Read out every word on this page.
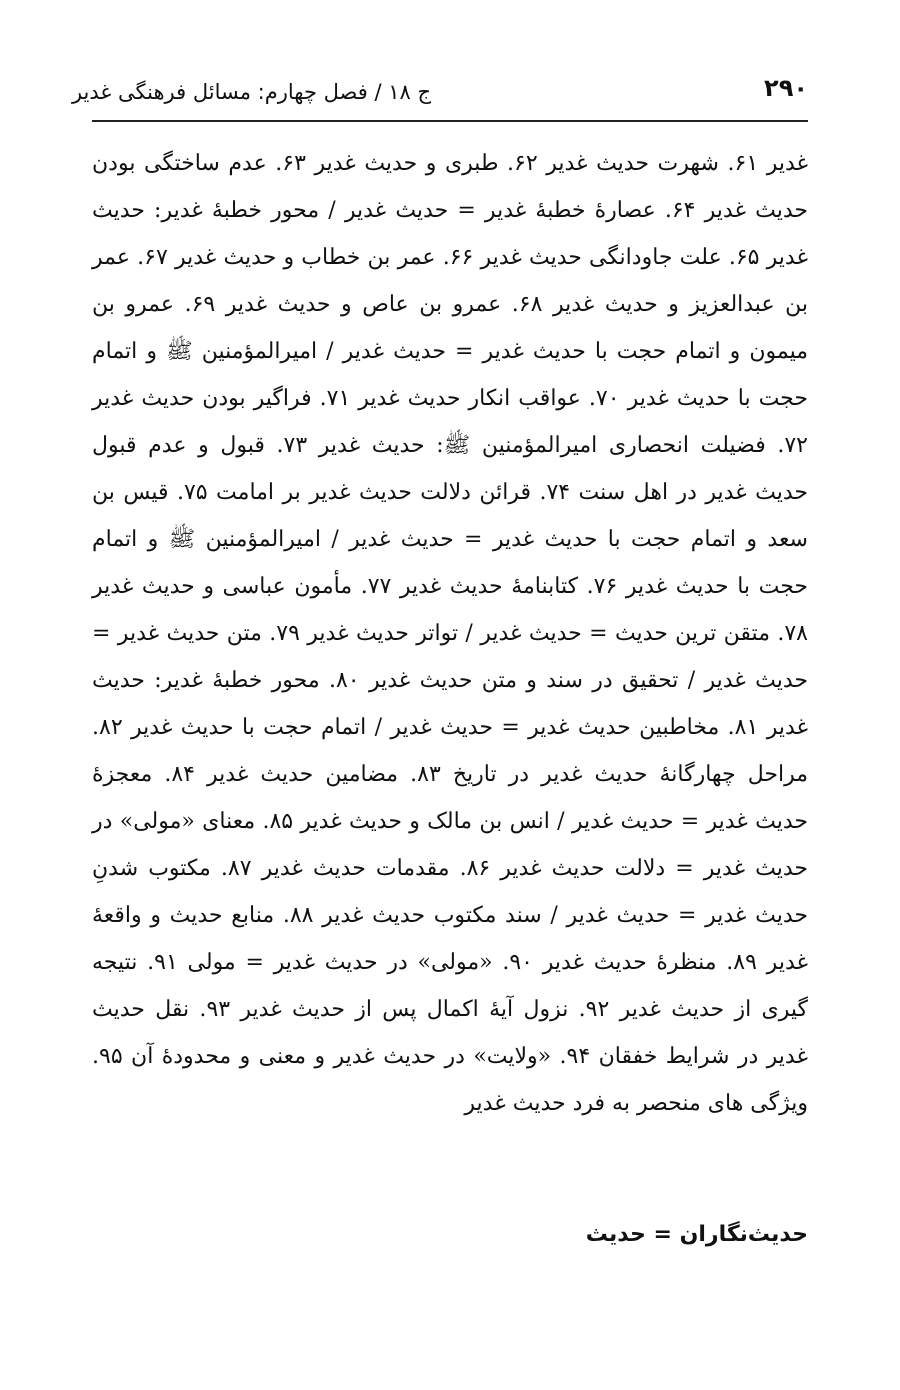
۲۹۰
ج ۱۸ / فصل چهارم: مسائل فرهنگی غدیر

غدیر ۶۱. شهرت حدیث غدیر ۶۲. طبری و حدیث غدیر ۶۳. عدم ساختگی بودن حدیث غدیر ۶۴. عصارهٔ خطبهٔ غدیر = حدیث غدیر / محور خطبهٔ غدیر: حدیث غدیر ۶۵. علت جاودانگی حدیث غدیر ۶۶. عمر بن خطاب و حدیث غدیر ۶۷. عمر بن عبدالعزیز و حدیث غدیر ۶۸. عمرو بن عاص و حدیث غدیر ۶۹. عمرو بن میمون و اتمام حجت با حدیث غدیر = حدیث غدیر / امیرالمؤمنین ﷺ و اتمام حجت با حدیث غدیر ۷۰. عواقب انکار حدیث غدیر ۷۱. فراگیر بودن حدیث غدیر ۷۲. فضیلت انحصاری امیرالمؤمنین ﷺ: حدیث غدیر ۷۳. قبول و عدم قبول حدیث غدیر در اهل سنت ۷۴. قرائن دلالت حدیث غدیر بر امامت ۷۵. قیس بن سعد و اتمام حجت با حدیث غدیر = حدیث غدیر / امیرالمؤمنین ﷺ و اتمام حجت با حدیث غدیر ۷۶. کتابنامهٔ حدیث غدیر ۷۷. مأمون عباسی و حدیث غدیر ۷۸. متقن ترین حدیث = حدیث غدیر / تواتر حدیث غدیر ۷۹. متن حدیث غدیر = حدیث غدیر / تحقیق در سند و متن حدیث غدیر ۸۰. محور خطبهٔ غدیر: حدیث غدیر ۸۱. مخاطبین حدیث غدیر = حدیث غدیر / اتمام حجت با حدیث غدیر ۸۲. مراحل چهارگانهٔ حدیث غدیر در تاریخ ۸۳. مضامین حدیث غدیر ۸۴. معجزهٔ حدیث غدیر = حدیث غدیر / انس بن مالک و حدیث غدیر ۸۵. معنای «مولی» در حدیث غدیر = دلالت حدیث غدیر ۸۶. مقدمات حدیث غدیر ۸۷. مکتوب شدنِ حدیث غدیر = حدیث غدیر / سند مکتوب حدیث غدیر ۸۸. منابع حدیث و واقعهٔ غدیر ۸۹. منظرهٔ حدیث غدیر ۹۰. «مولی» در حدیث غدیر = مولی ۹۱. نتیجه گیری از حدیث غدیر ۹۲. نزول آیهٔ اکمال پس از حدیث غدیر ۹۳. نقل حدیث غدیر در شرایط خفقان ۹۴. «ولایت» در حدیث غدیر و معنی و محدودهٔ آن ۹۵. ویژگی های منحصر به فرد حدیث غدیر

حدیث‌نگاران = حدیث
